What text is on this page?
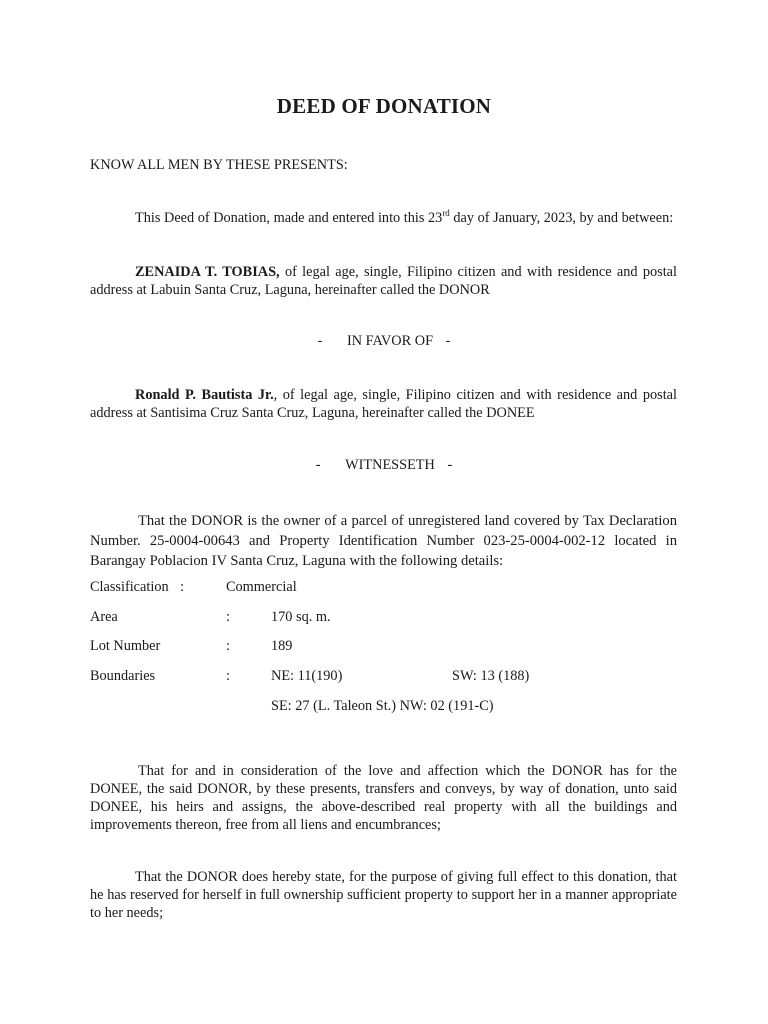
DEED OF DONATION
KNOW ALL MEN BY THESE PRESENTS:
This Deed of Donation, made and entered into this 23rd day of January, 2023, by and between:
ZENAIDA T. TOBIAS, of legal age, single, Filipino citizen and with residence and postal address at Labuin Santa Cruz, Laguna, hereinafter called the DONOR
- IN FAVOR OF -
Ronald P. Bautista Jr., of legal age, single, Filipino citizen and with residence and postal address at Santisima Cruz Santa Cruz, Laguna, hereinafter called the DONEE
- WITNESSETH -
That the DONOR is the owner of a parcel of unregistered land covered by Tax Declaration Number. 25-0004-00643 and Property Identification Number 023-25-0004-002-12 located in Barangay Poblacion IV Santa Cruz, Laguna with the following details:
Classification :	Commercial
Area	:	170 sq. m.
Lot Number	:	189
Boundaries	:	NE: 11(190)	SW: 13 (188)
SE: 27 (L. Taleon St.) NW: 02 (191-C)
That for and in consideration of the love and affection which the DONOR has for the DONEE, the said DONOR, by these presents, transfers and conveys, by way of donation, unto said DONEE, his heirs and assigns, the above-described real property with all the buildings and improvements thereon, free from all liens and encumbrances;
That the DONOR does hereby state, for the purpose of giving full effect to this donation, that he has reserved for herself in full ownership sufficient property to support her in a manner appropriate to her needs;
